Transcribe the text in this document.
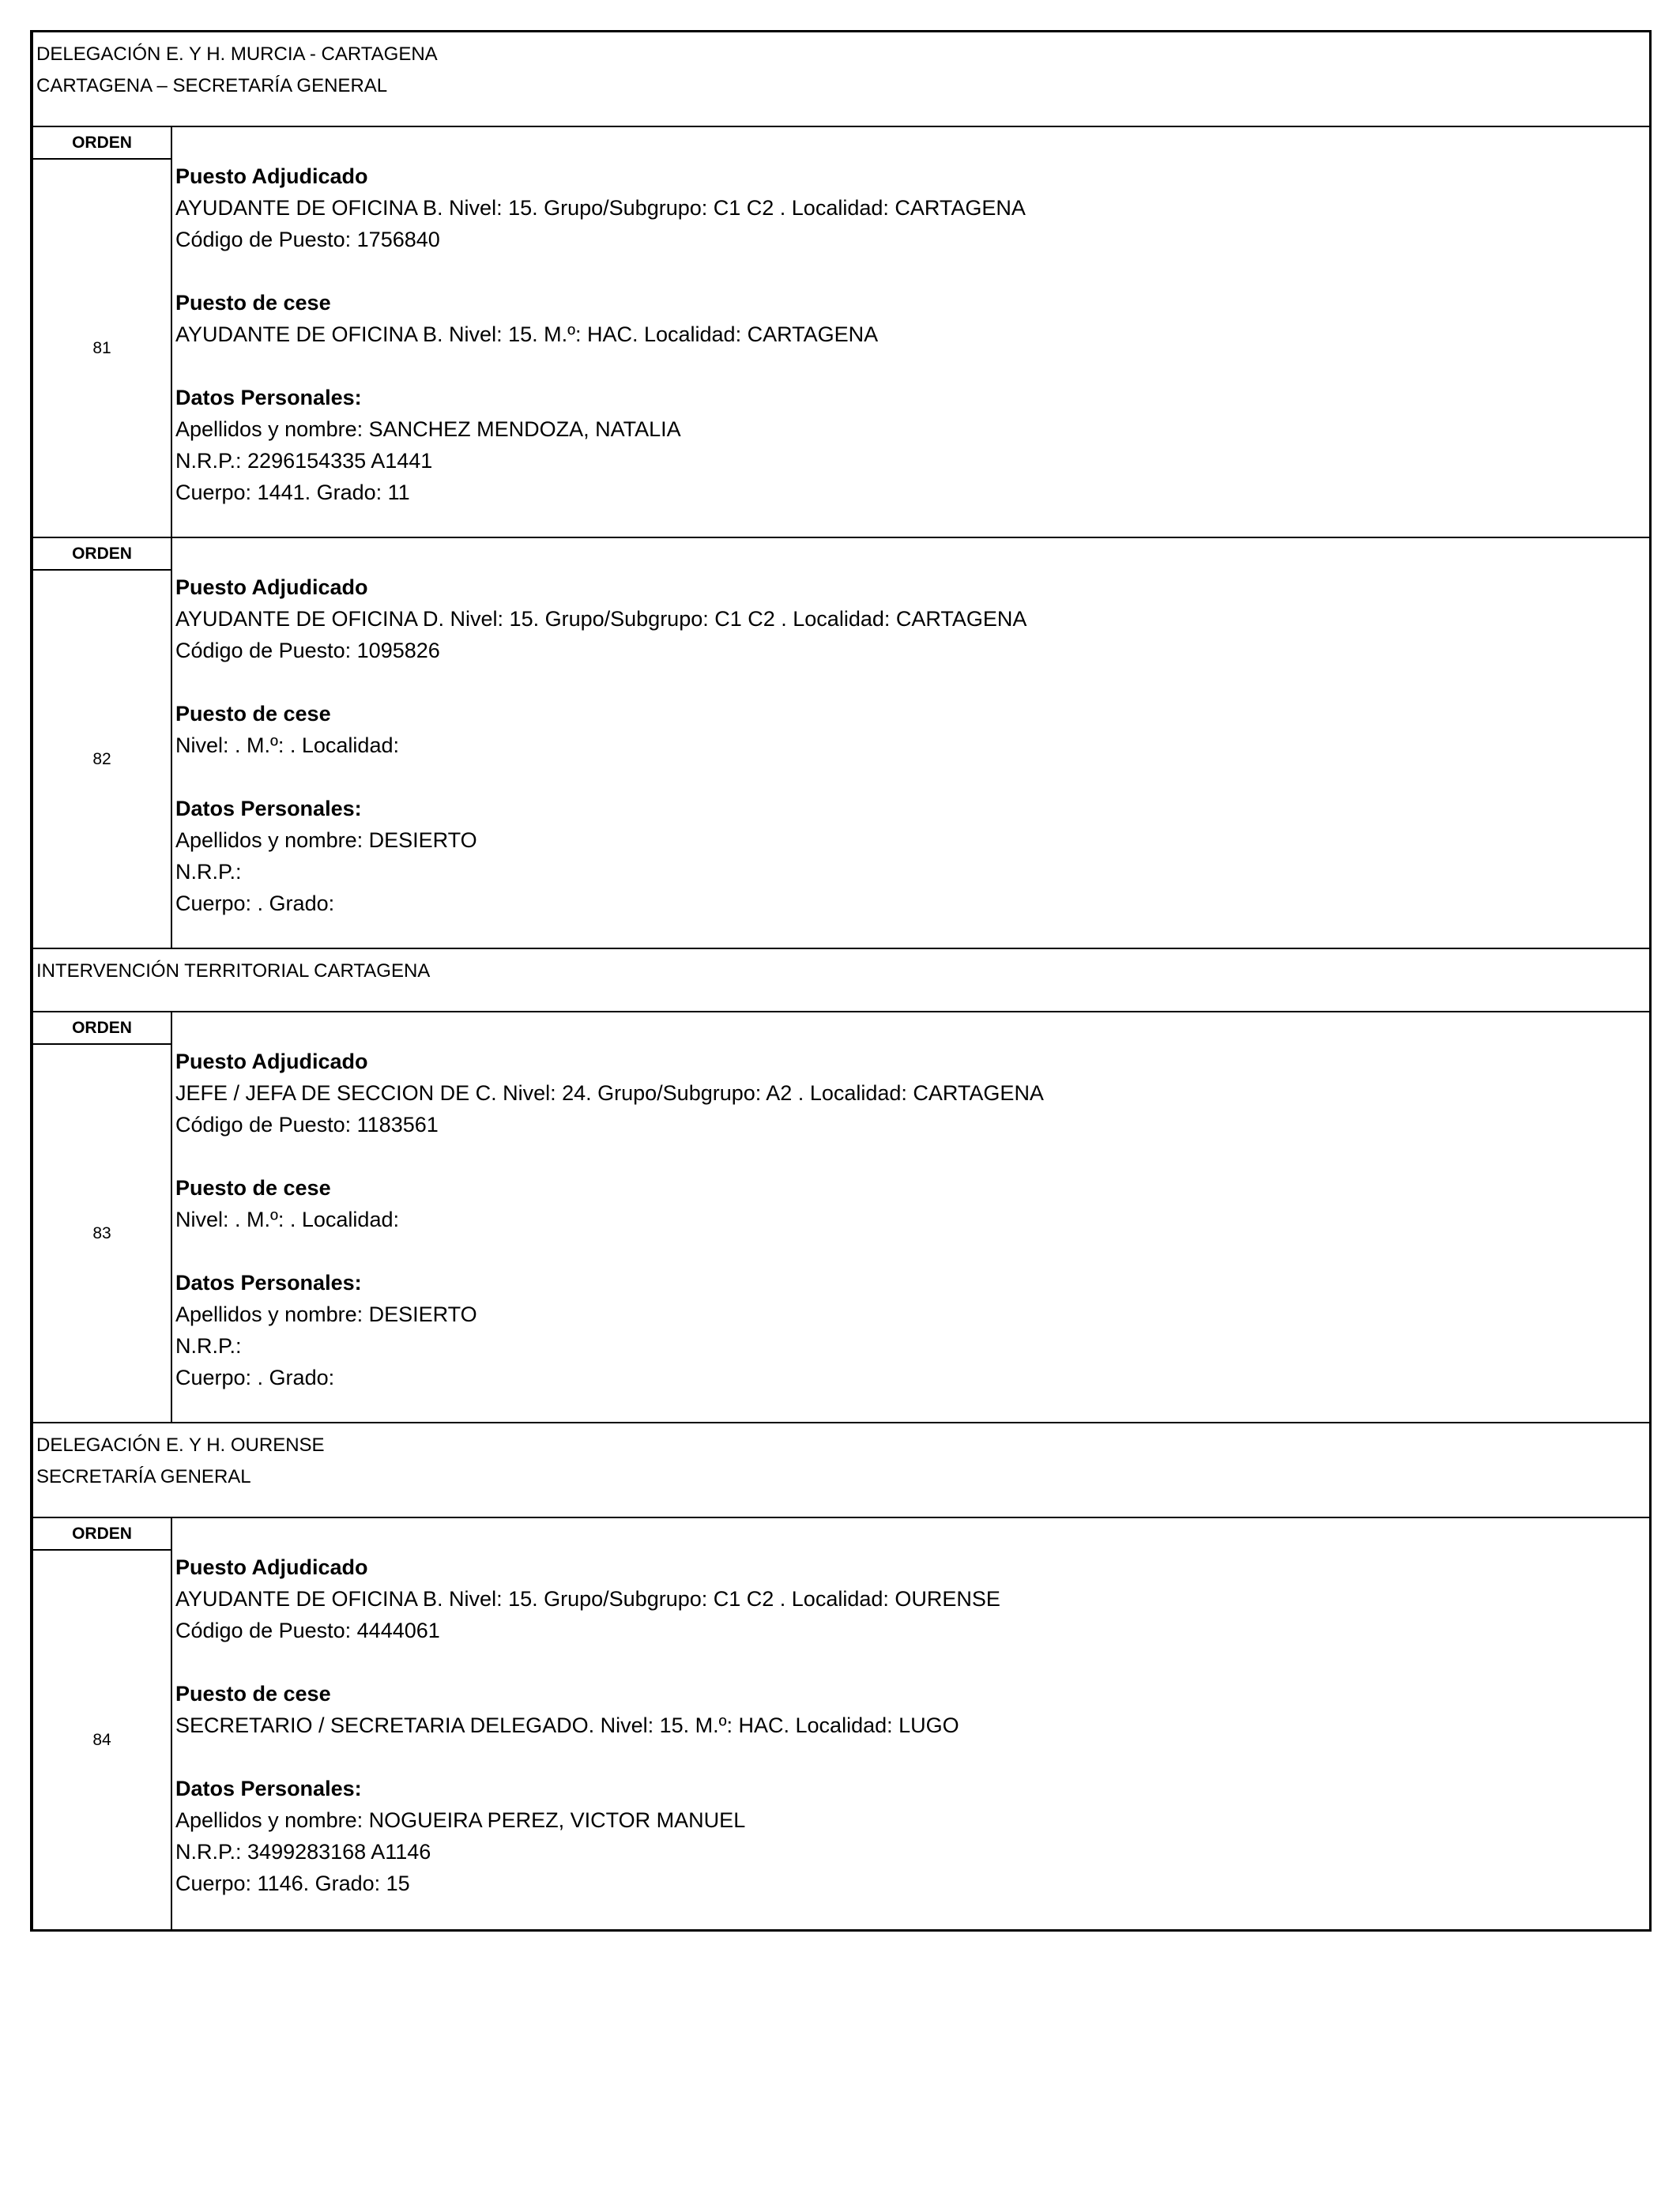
DELEGACIÓN E. Y H. MURCIA - CARTAGENA
CARTAGENA – SECRETARÍA GENERAL
ORDEN
81
Puesto Adjudicado
AYUDANTE DE OFICINA B. Nivel: 15. Grupo/Subgrupo: C1 C2 . Localidad: CARTAGENA
Código de Puesto: 1756840
Puesto de cese
AYUDANTE DE OFICINA B. Nivel: 15. M.º: HAC. Localidad: CARTAGENA
Datos Personales:
Apellidos y nombre: SANCHEZ MENDOZA, NATALIA
N.R.P.: 2296154335 A1441
Cuerpo: 1441. Grado: 11
ORDEN
82
Puesto Adjudicado
AYUDANTE DE OFICINA D. Nivel: 15. Grupo/Subgrupo: C1 C2 . Localidad: CARTAGENA
Código de Puesto: 1095826
Puesto de cese
Nivel: . M.º: . Localidad:
Datos Personales:
Apellidos y nombre: DESIERTO
N.R.P.:
Cuerpo: . Grado:
INTERVENCIÓN TERRITORIAL CARTAGENA
ORDEN
83
Puesto Adjudicado
JEFE / JEFA DE SECCION DE C. Nivel: 24. Grupo/Subgrupo: A2 . Localidad: CARTAGENA
Código de Puesto: 1183561
Puesto de cese
Nivel: . M.º: . Localidad:
Datos Personales:
Apellidos y nombre: DESIERTO
N.R.P.:
Cuerpo: . Grado:
DELEGACIÓN E. Y H. OURENSE
SECRETARÍA GENERAL
ORDEN
84
Puesto Adjudicado
AYUDANTE DE OFICINA B. Nivel: 15. Grupo/Subgrupo: C1 C2 . Localidad: OURENSE
Código de Puesto: 4444061
Puesto de cese
SECRETARIO / SECRETARIA DELEGADO. Nivel: 15. M.º: HAC. Localidad: LUGO
Datos Personales:
Apellidos y nombre: NOGUEIRA PEREZ, VICTOR MANUEL
N.R.P.: 3499283168 A1146
Cuerpo: 1146. Grado: 15
